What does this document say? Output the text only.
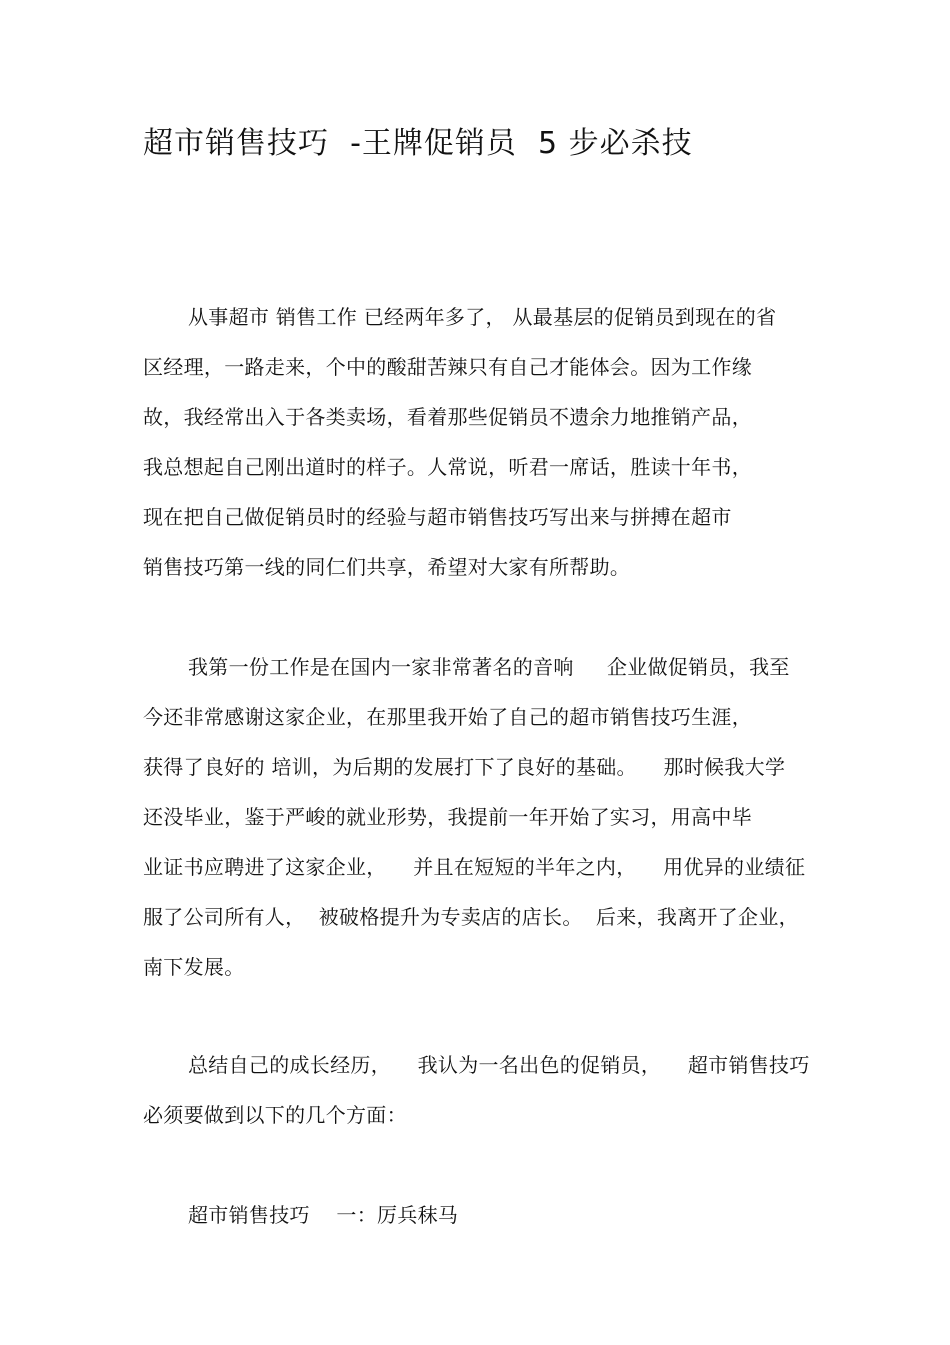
超市销售技巧  -王牌促销员  5 步必杀技

从事超市 销售工作 已经两年多了， 从最基层的促销员到现在的省

区经理，一路走来，个中的酸甜苦辣只有自己才能体会。因为工作缘

故，我经常出入于各类卖场，看着那些促销员不遗余力地推销产品，

我总想起自己刚出道时的样子。人常说，听君一席话，胜读十年书，

现在把自己做促销员时的经验与超市销售技巧写出来与拼搏在超市

销售技巧第一线的同仁们共享，希望对大家有所帮助。

我第一份工作是在国内一家非常著名的音响     企业做促销员，我至

今还非常感谢这家企业，在那里我开始了自己的超市销售技巧生涯，

获得了良好的 培训，为后期的发展打下了良好的基础。    那时候我大学

还没毕业，鉴于严峻的就业形势，我提前一年开始了实习，用高中毕

业证书应聘进了这家企业，    并且在短短的半年之内，    用优异的业绩征

服了公司所有人，  被破格提升为专卖店的店长。  后来，我离开了企业，

南下发展。

总结自己的成长经历，    我认为一名出色的促销员，    超市销售技巧

必须要做到以下的几个方面：

超市销售技巧    一：厉兵秣马
